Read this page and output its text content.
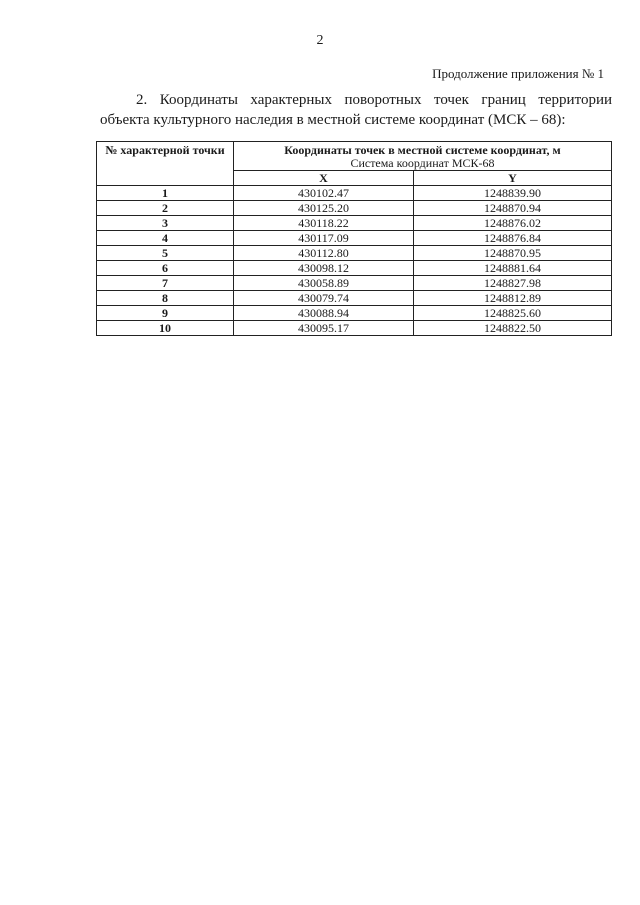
2
Продолжение приложения № 1
2. Координаты характерных поворотных точек границ территории объекта культурного наследия в местной системе координат (МСК – 68):
№ характерной точки	Координаты точек в местной системе координат, м
Система координат МСК-68	

	X	Y
1	430102.47	1248839.90
2	430125.20	1248870.94
3	430118.22	1248876.02
4	430117.09	1248876.84
5	430112.80	1248870.95
6	430098.12	1248881.64
7	430058.89	1248827.98
8	430079.74	1248812.89
9	430088.94	1248825.60
10	430095.17	1248822.50
